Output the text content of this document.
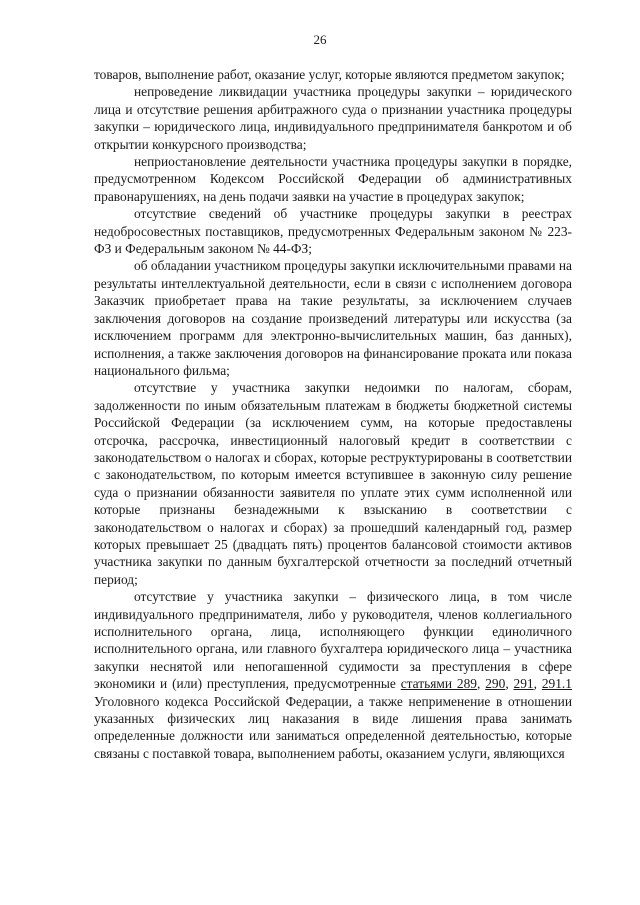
26

товаров, выполнение работ, оказание услуг, которые являются предметом закупок;

непроведение ликвидации участника процедуры закупки – юридического лица и отсутствие решения арбитражного суда о признании участника процедуры закупки – юридического лица, индивидуального предпринимателя банкротом и об открытии конкурсного производства;

неприостановление деятельности участника процедуры закупки в порядке, предусмотренном Кодексом Российской Федерации об административных правонарушениях, на день подачи заявки на участие в процедурах закупок;

отсутствие сведений об участнике процедуры закупки в реестрах недобросовестных поставщиков, предусмотренных Федеральным законом № 223-ФЗ и Федеральным законом № 44-ФЗ;

об обладании участником процедуры закупки исключительными правами на результаты интеллектуальной деятельности, если в связи с исполнением договора Заказчик приобретает права на такие результаты, за исключением случаев заключения договоров на создание произведений литературы или искусства (за исключением программ для электронно-вычислительных машин, баз данных), исполнения, а также заключения договоров на финансирование проката или показа национального фильма;

отсутствие у участника закупки недоимки по налогам, сборам, задолженности по иным обязательным платежам в бюджеты бюджетной системы Российской Федерации (за исключением сумм, на которые предоставлены отсрочка, рассрочка, инвестиционный налоговый кредит в соответствии с законодательством о налогах и сборах, которые реструктурированы в соответствии с законодательством, по которым имеется вступившее в законную силу решение суда о признании обязанности заявителя по уплате этих сумм исполненной или которые признаны безнадежными к взысканию в соответствии с законодательством о налогах и сборах) за прошедший календарный год, размер которых превышает 25 (двадцать пять) процентов балансовой стоимости активов участника закупки по данным бухгалтерской отчетности за последний отчетный период;

отсутствие у участника закупки – физического лица, в том числе индивидуального предпринимателя, либо у руководителя, членов коллегиального исполнительного органа, лица, исполняющего функции единоличного исполнительного органа, или главного бухгалтера юридического лица – участника закупки неснятой или непогашенной судимости за преступления в сфере экономики и (или) преступления, предусмотренные статьями 289, 290, 291, 291.1 Уголовного кодекса Российской Федерации, а также неприменение в отношении указанных физических лиц наказания в виде лишения права занимать определенные должности или заниматься определенной деятельностью, которые связаны с поставкой товара, выполнением работы, оказанием услуги, являющихся
